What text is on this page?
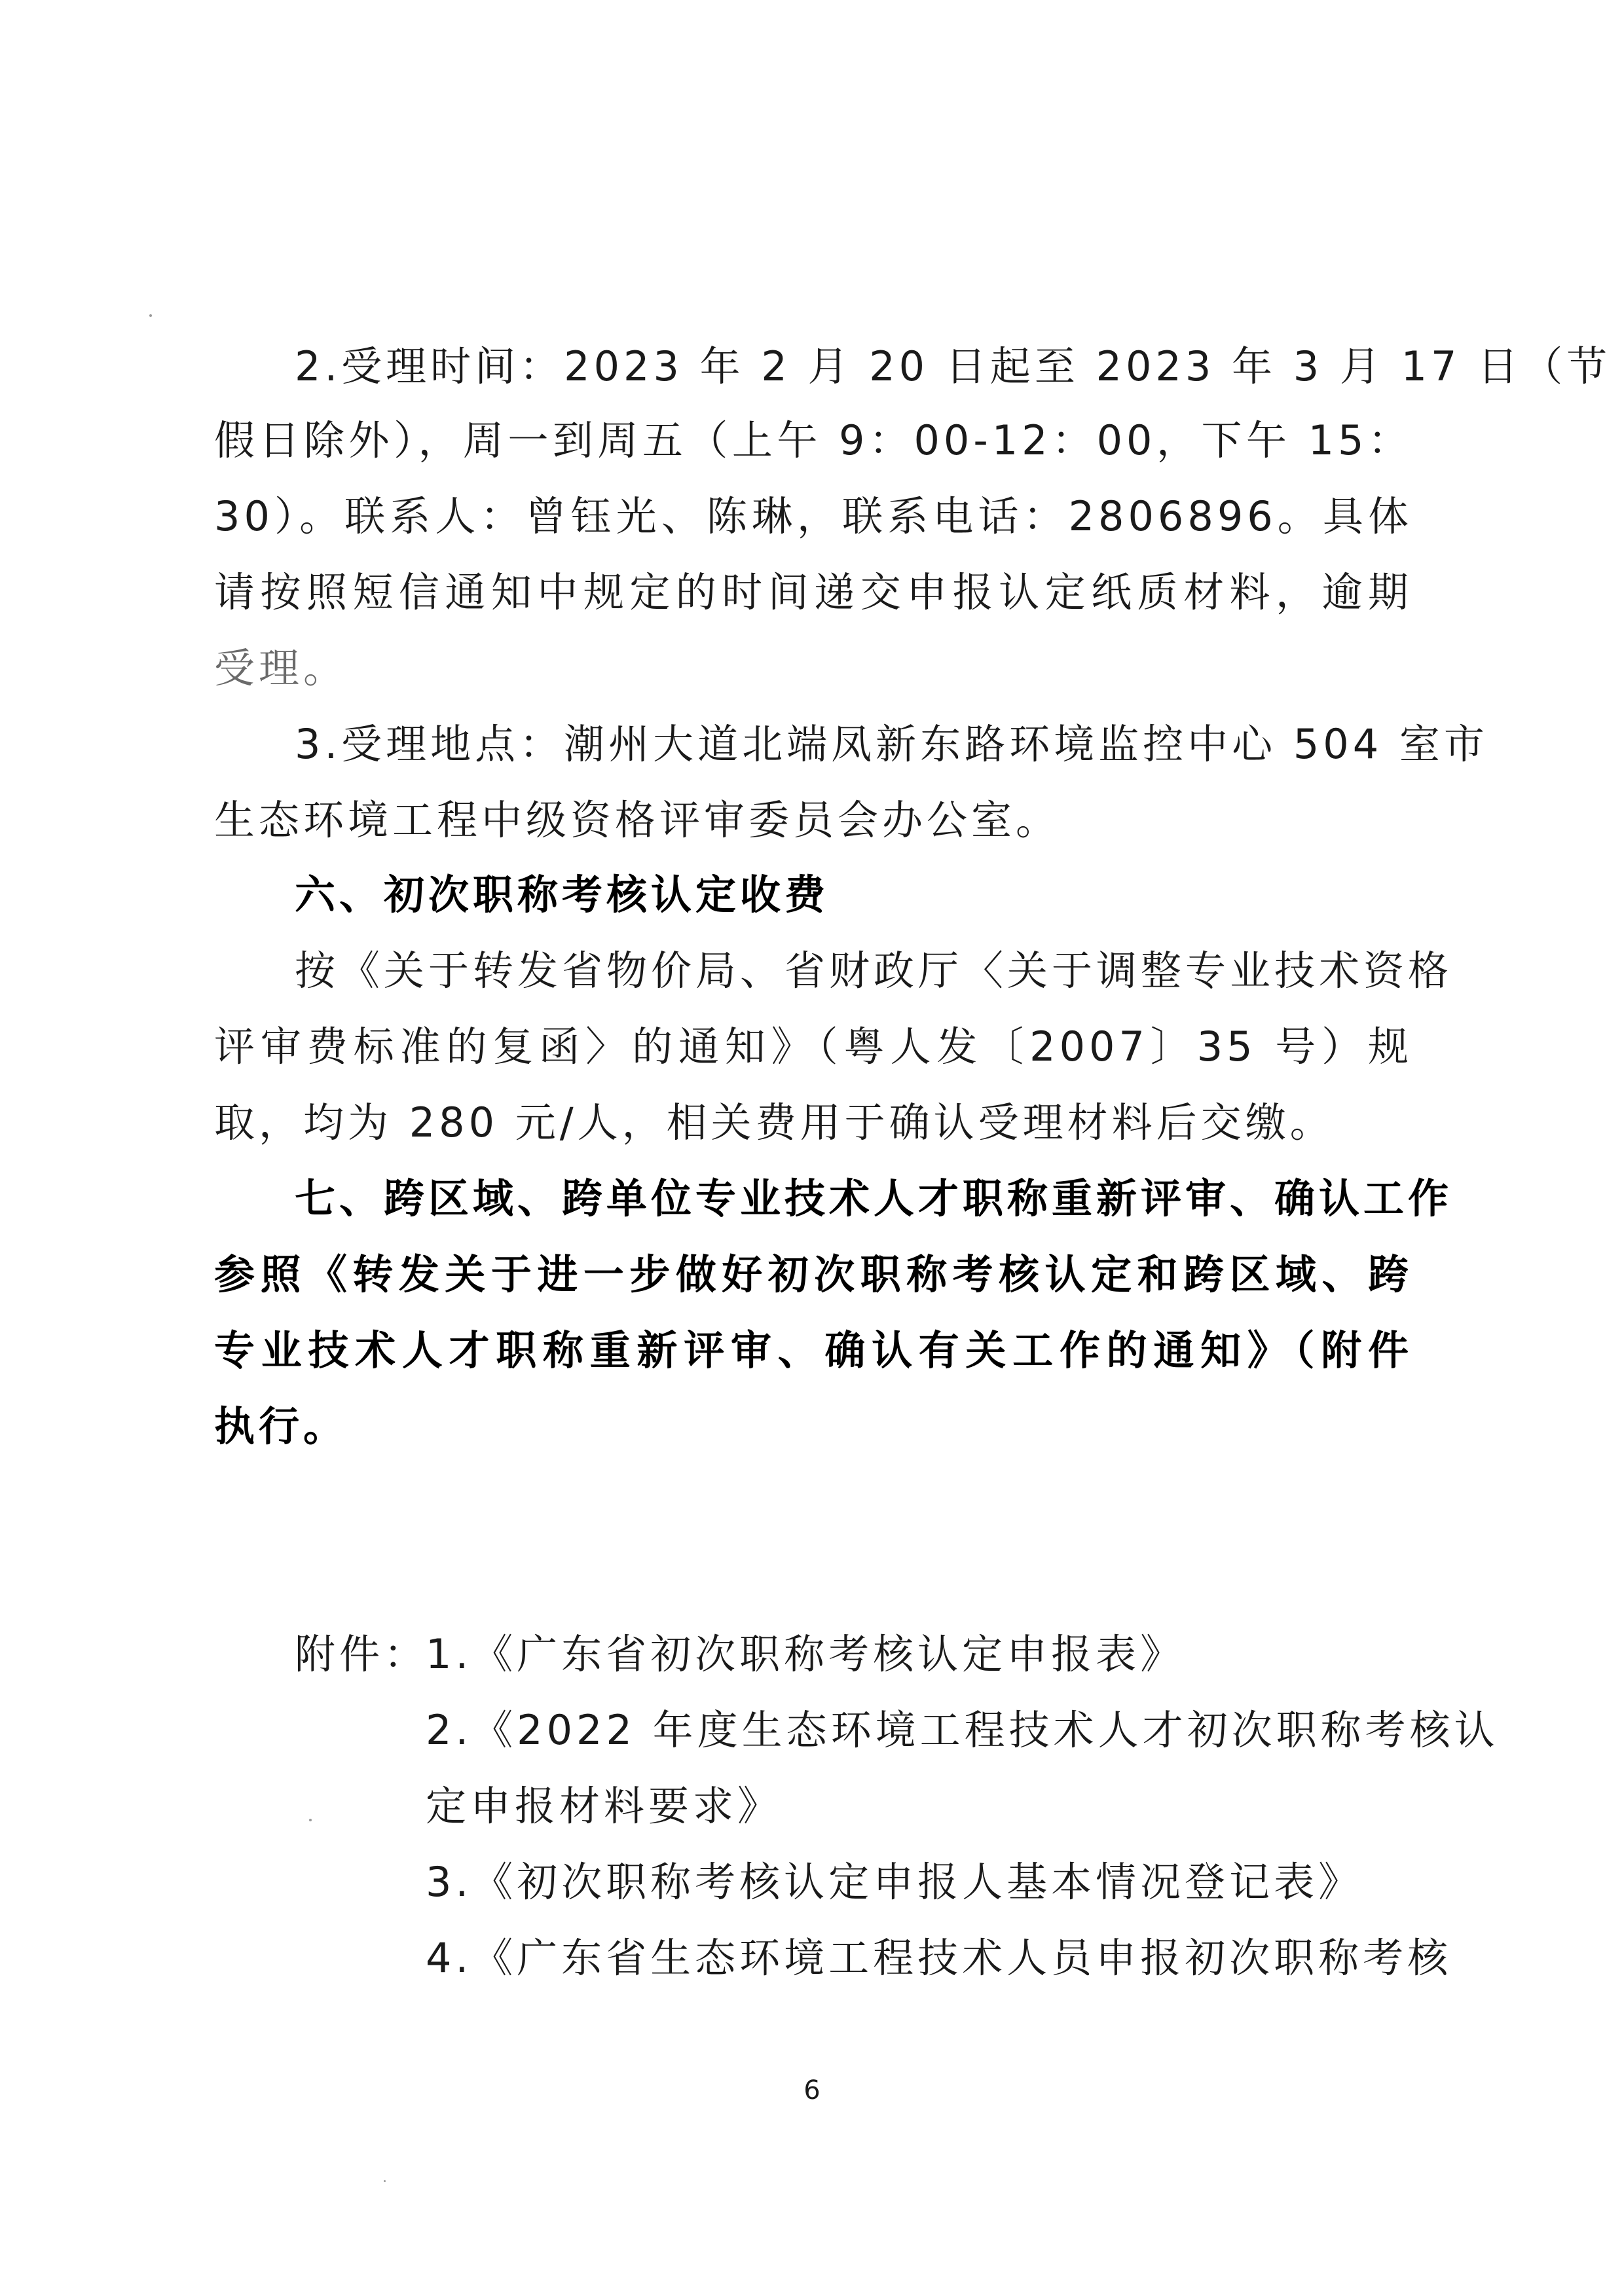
2.受理时间：2023 年 2 月 20 日起至 2023 年 3 月 17 日（节
假日除外），周一到周五（上午 9：00-12：00，下午 15：
30）。联系人：曾钰光、陈琳，联系电话：2806896。具体
请按照短信通知中规定的时间递交申报认定纸质材料，逾期
受理。
3.受理地点：潮州大道北端凤新东路环境监控中心 504 室市
生态环境工程中级资格评审委员会办公室。
六、初次职称考核认定收费
按《关于转发省物价局、省财政厅〈关于调整专业技术资格
评审费标准的复函〉的通知》（粤人发〔2007〕35 号）规
取，均为 280 元/人，相关费用于确认受理材料后交缴。
七、跨区域、跨单位专业技术人才职称重新评审、确认工作
参照《转发关于进一步做好初次职称考核认定和跨区域、跨
专业技术人才职称重新评审、确认有关工作的通知》（附件
执行。
附件：
1.《广东省初次职称考核认定申报表》
2.《2022 年度生态环境工程技术人才初次职称考核认
定申报材料要求》
3.《初次职称考核认定申报人基本情况登记表》
4.《广东省生态环境工程技术人员申报初次职称考核
6
